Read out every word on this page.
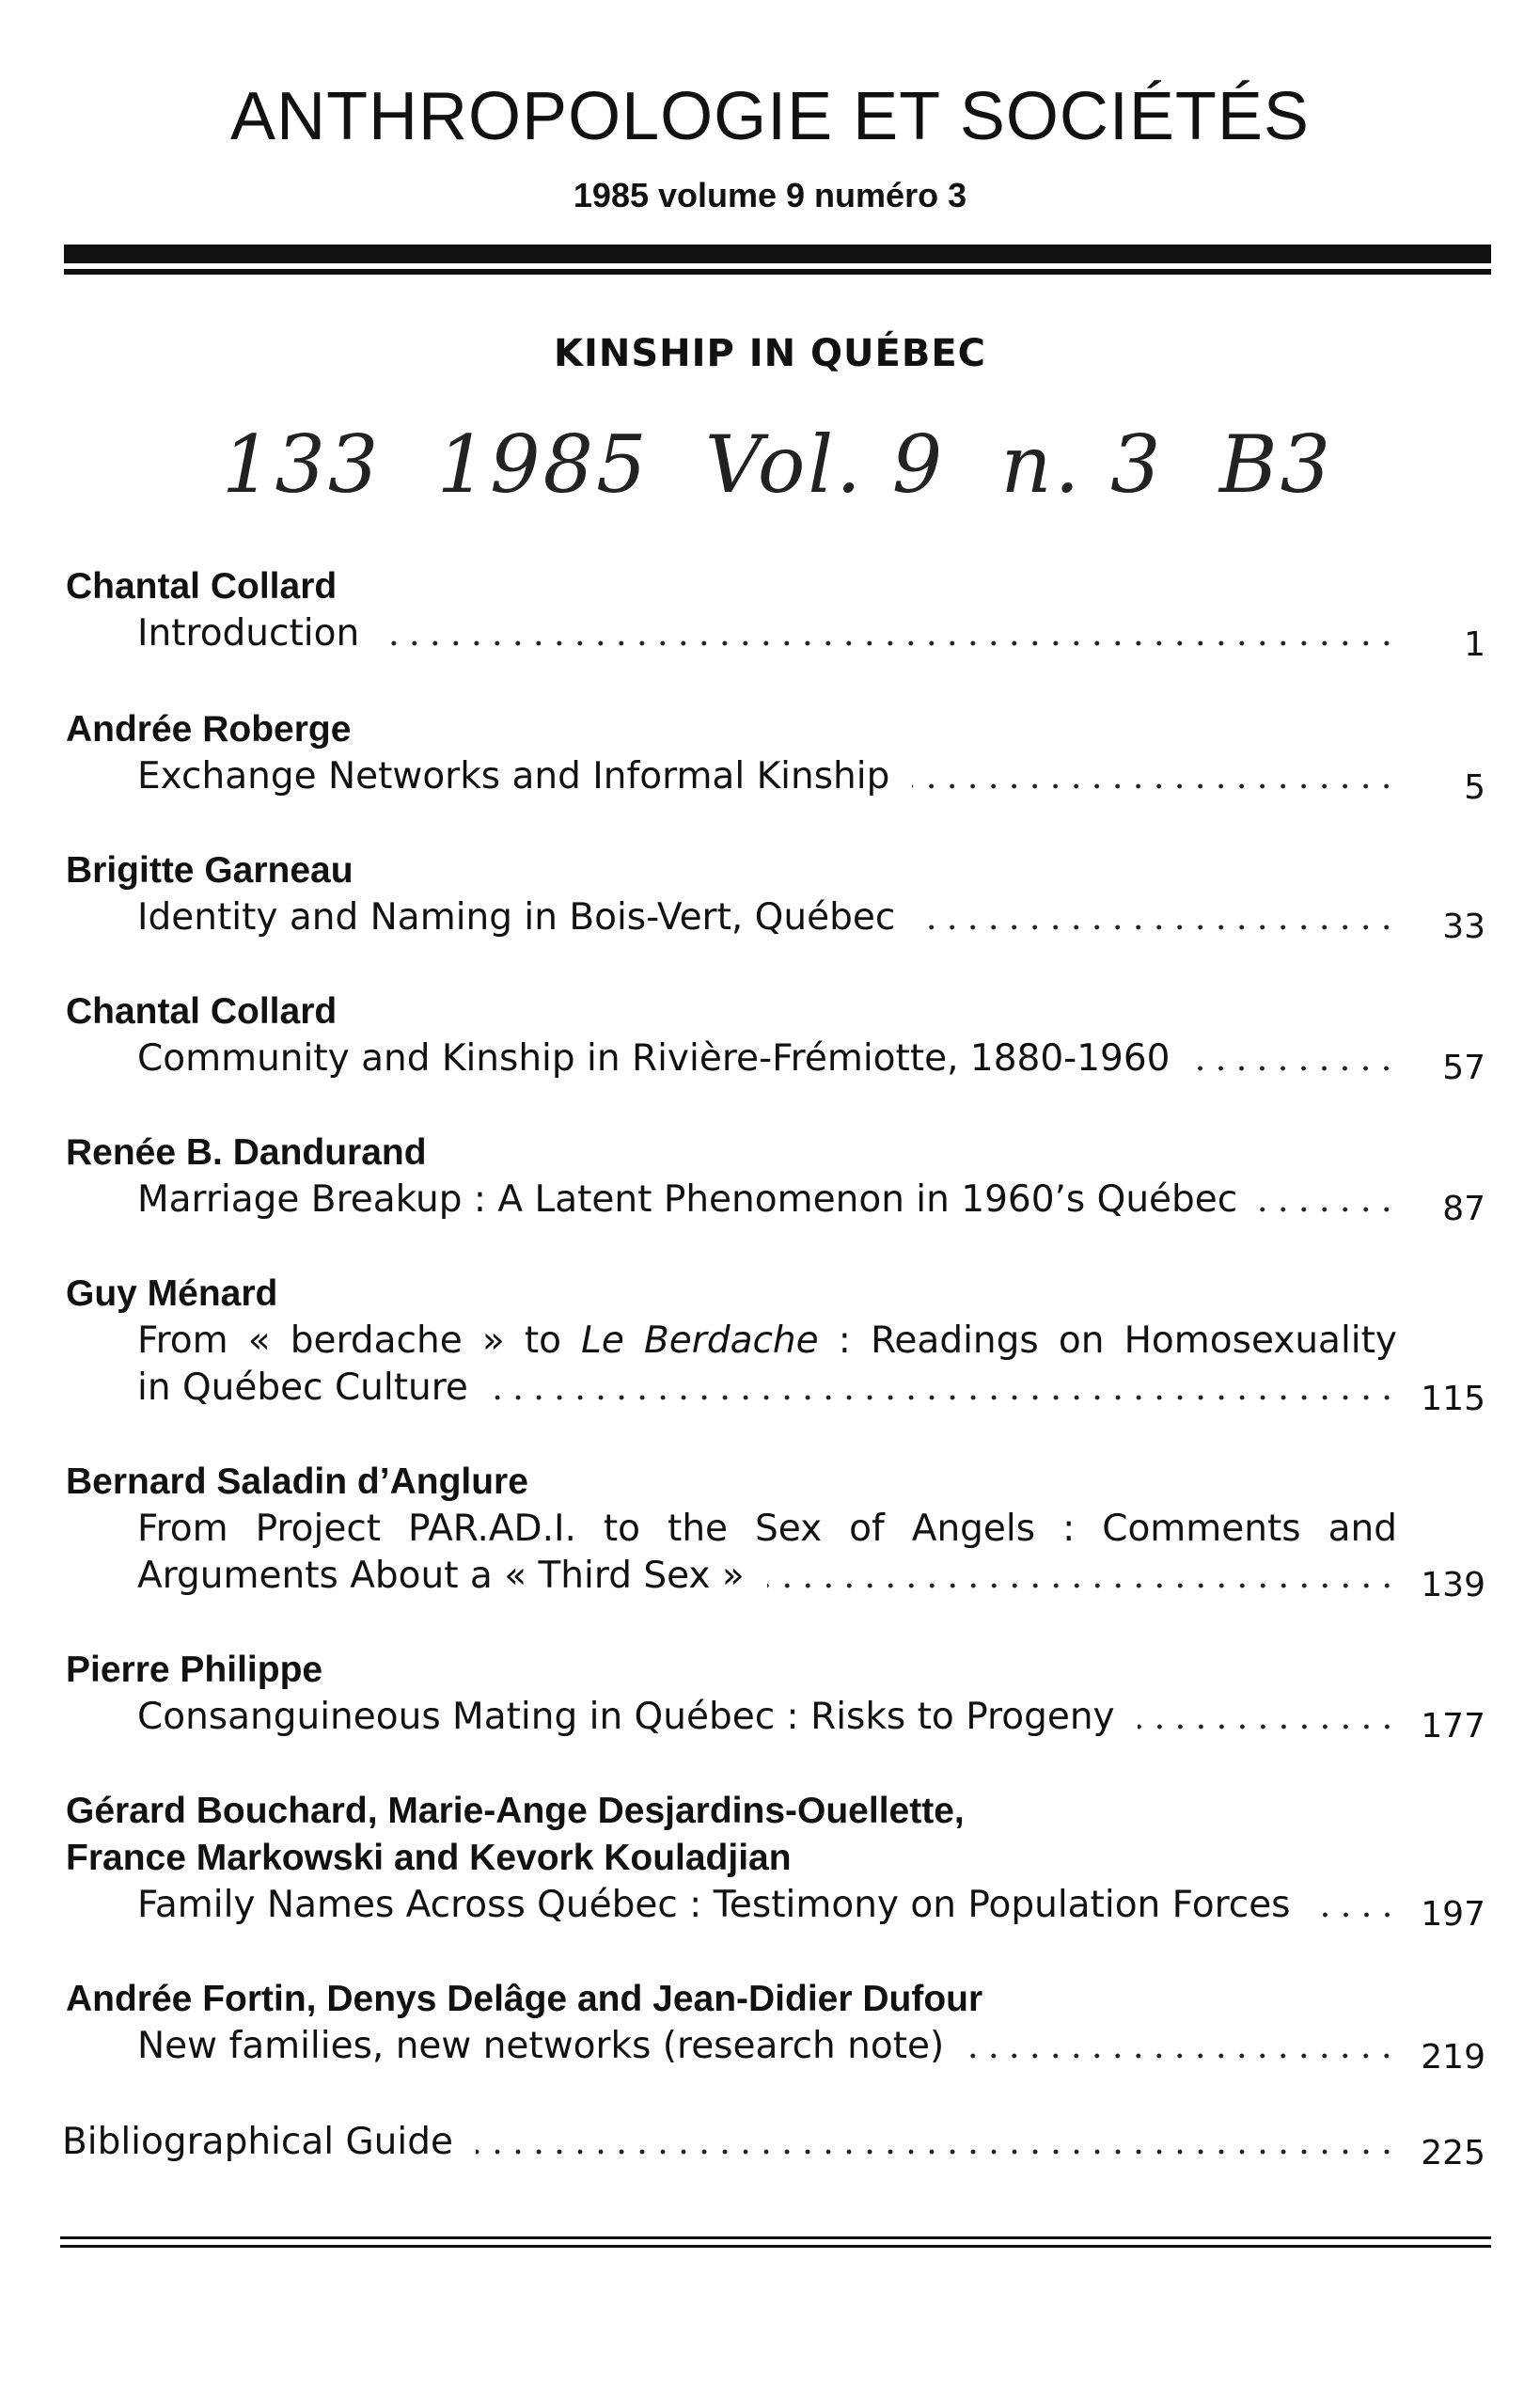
ANTHROPOLOGIE ET SOCIÉTÉS
1985 volume 9 numéro 3
KINSHIP IN QUÉBEC
133  1985  Vol. 9  n. 3  B3
Chantal Collard
Introduction	1
Andrée Roberge
Exchange Networks and Informal Kinship	5
Brigitte Garneau
Identity and Naming in Bois-Vert, Québec	33
Chantal Collard
Community and Kinship in Rivière-Frémiotte, 1880-1960	57
Renée B. Dandurand
Marriage Breakup : A Latent Phenomenon in 1960’s Québec	87
Guy Ménard
From « berdache » to Le Berdache : Readings on Homosexuality
in Québec Culture	115
Bernard Saladin d’Anglure
From Project PAR.AD.I. to the Sex of Angels : Comments and
Arguments About a « Third Sex »	139
Pierre Philippe
Consanguineous Mating in Québec : Risks to Progeny	177
Gérard Bouchard, Marie-Ange Desjardins-Ouellette,
France Markowski and Kevork Kouladjian
Family Names Across Québec : Testimony on Population Forces	197
Andrée Fortin, Denys Delâge and Jean-Didier Dufour
New families, new networks (research note)	219
Bibliographical Guide	225
